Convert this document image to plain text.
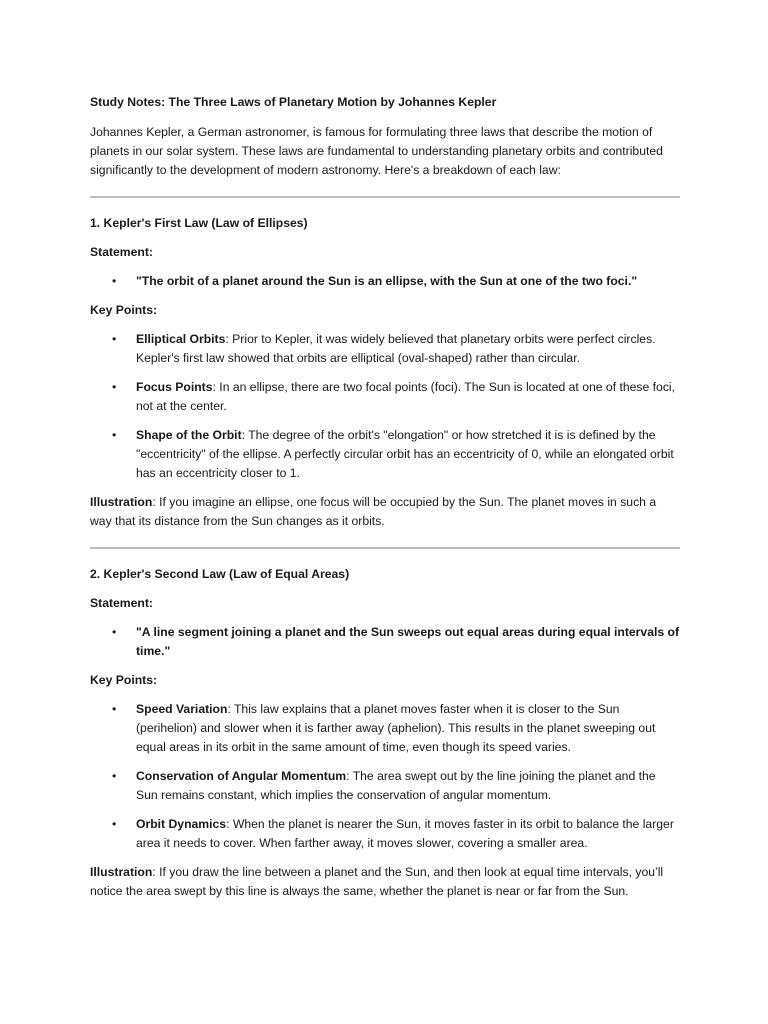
Study Notes: The Three Laws of Planetary Motion by Johannes Kepler

Johannes Kepler, a German astronomer, is famous for formulating three laws that describe the motion of planets in our solar system. These laws are fundamental to understanding planetary orbits and contributed significantly to the development of modern astronomy. Here's a breakdown of each law:

1. Kepler's First Law (Law of Ellipses)

Statement:

• "The orbit of a planet around the Sun is an ellipse, with the Sun at one of the two foci."

Key Points:

• Elliptical Orbits: Prior to Kepler, it was widely believed that planetary orbits were perfect circles. Kepler's first law showed that orbits are elliptical (oval-shaped) rather than circular.
• Focus Points: In an ellipse, there are two focal points (foci). The Sun is located at one of these foci, not at the center.
• Shape of the Orbit: The degree of the orbit's "elongation" or how stretched it is is defined by the "eccentricity" of the ellipse. A perfectly circular orbit has an eccentricity of 0, while an elongated orbit has an eccentricity closer to 1.

Illustration: If you imagine an ellipse, one focus will be occupied by the Sun. The planet moves in such a way that its distance from the Sun changes as it orbits.

2. Kepler's Second Law (Law of Equal Areas)

Statement:

• "A line segment joining a planet and the Sun sweeps out equal areas during equal intervals of time."

Key Points:

• Speed Variation: This law explains that a planet moves faster when it is closer to the Sun (perihelion) and slower when it is farther away (aphelion). This results in the planet sweeping out equal areas in its orbit in the same amount of time, even though its speed varies.
• Conservation of Angular Momentum: The area swept out by the line joining the planet and the Sun remains constant, which implies the conservation of angular momentum.
• Orbit Dynamics: When the planet is nearer the Sun, it moves faster in its orbit to balance the larger area it needs to cover. When farther away, it moves slower, covering a smaller area.

Illustration: If you draw the line between a planet and the Sun, and then look at equal time intervals, you’ll notice the area swept by this line is always the same, whether the planet is near or far from the Sun.
